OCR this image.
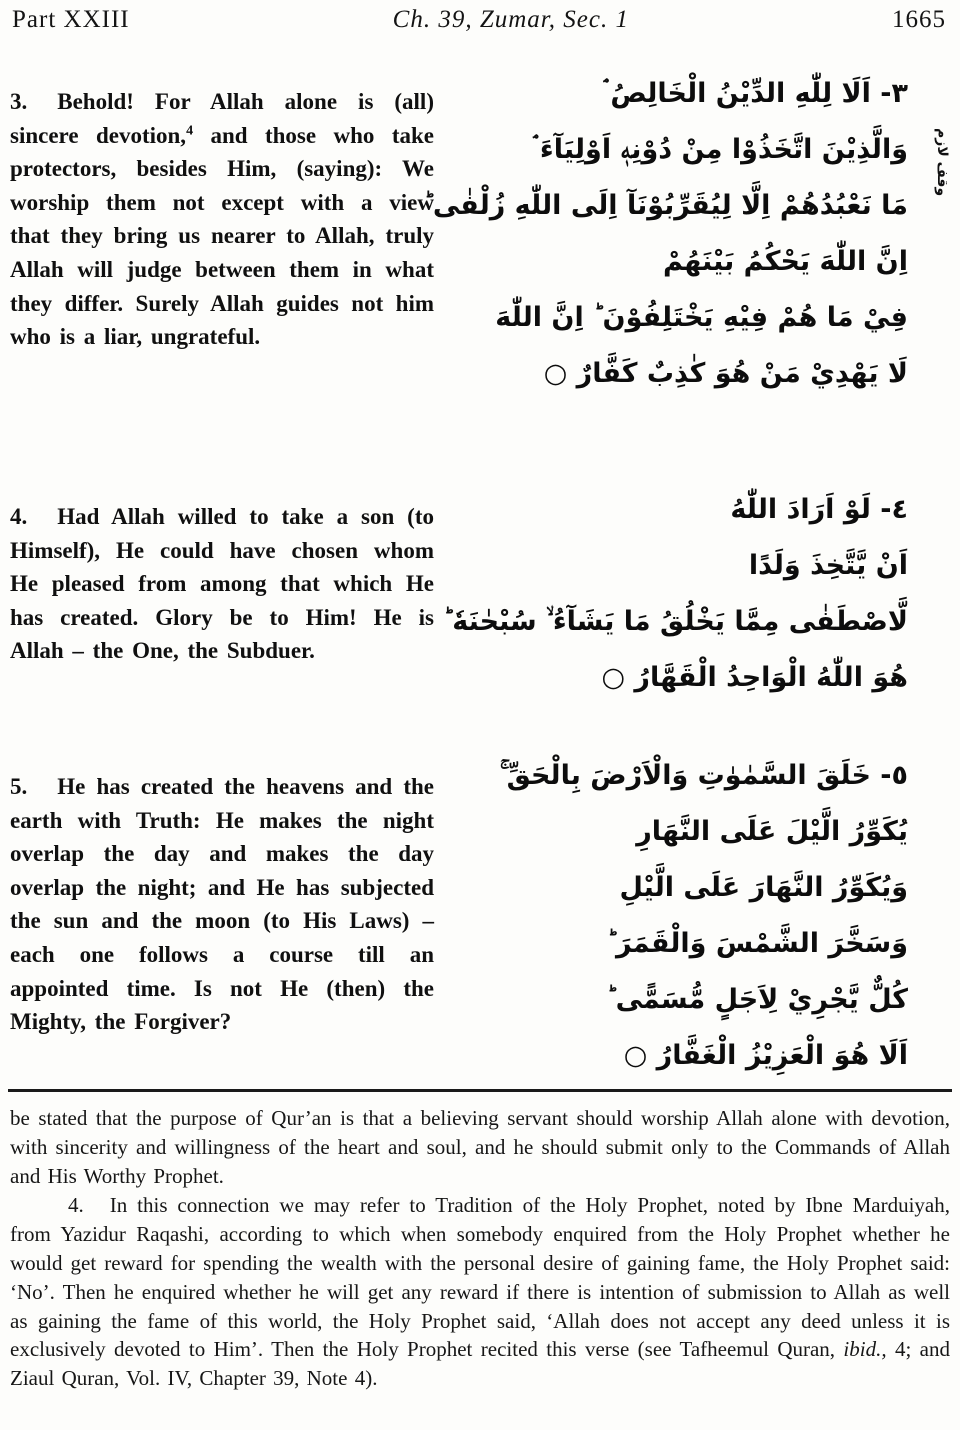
Part XXIII	Ch. 39, Zumar, Sec. 1	1665

3. Behold! For Allah alone is (all) sincere devotion,$^4$ and those who take protectors, besides Him, (saying): We worship them not except with a view that they bring us nearer to Allah, truly Allah will judge between them in what they differ. Surely Allah guides not him who is a liar, ungrateful.

4. Had Allah willed to take a son (to Himself), He could have chosen whom He pleased from among that which He has created. Glory be to Him! He is Allah – the One, the Subduer.

5. He has created the heavens and the earth with Truth: He makes the night overlap the day and makes the day overlap the night; and He has subjected the sun and the moon (to His Laws) – each one follows a course till an appointed time. Is not He (then) the Mighty, the Forgiver?

٣- اَلَا لِلّٰهِ الدِّيْنُ الْخَالِصُ ۘ
وَالَّذِيْنَ اتَّخَذُوْا مِنْ دُوْنِهٖ اَوْلِيَآءَ ۘ
مَا نَعْبُدُهُمْ اِلَّا لِيُقَرِّبُوْنَآ اِلَى اللّٰهِ زُلْفٰى ؕ
اِنَّ اللّٰهَ يَحْكُمُ بَيْنَهُمْ
فِيْ مَا هُمْ فِيْهِ يَخْتَلِفُوْنَ ؕ اِنَّ اللّٰهَ
لَا يَهْدِيْ مَنْ هُوَ كٰذِبٌ كَفَّارٌ ○
٤- لَوْ اَرَادَ اللّٰهُ
اَنْ يَّتَّخِذَ وَلَدًا
لَّاصْطَفٰى مِمَّا يَخْلُقُ مَا يَشَآءُ ۙ سُبْحٰنَهٗ ؕ
هُوَ اللّٰهُ الْوَاحِدُ الْقَهَّارُ ○
٥- خَلَقَ السَّمٰوٰتِ وَالْاَرْضَ بِالْحَقِّ ۚ
يُكَوِّرُ الَّيْلَ عَلَى النَّهَارِ
وَيُكَوِّرُ النَّهَارَ عَلَى الَّيْلِ
وَسَخَّرَ الشَّمْسَ وَالْقَمَرَ ؕ
كُلٌّ يَّجْرِيْ لِاَجَلٍ مُّسَمًّى ؕ
اَلَا هُوَ الْعَزِيْزُ الْغَفَّارُ ○
وقف لازم

be stated that the purpose of Qur’an is that a believing servant should worship Allah alone with devotion, with sincerity and willingness of the heart and soul, and he should submit only to the Commands of Allah and His Worthy Prophet.

4. In this connection we may refer to Tradition of the Holy Prophet, noted by Ibne Marduiyah, from Yazidur Raqashi, according to which when somebody enquired from the Holy Prophet whether he would get reward for spending the wealth with the personal desire of gaining fame, the Holy Prophet said: ‘No’. Then he enquired whether he will get any reward if there is intention of submission to Allah as well as gaining the fame of this world, the Holy Prophet said, ‘Allah does not accept any deed unless it is exclusively devoted to Him’. Then the Holy Prophet recited this verse (see Tafheemul Quran, ibid., 4; and Ziaul Quran, Vol. IV, Chapter 39, Note 4).
